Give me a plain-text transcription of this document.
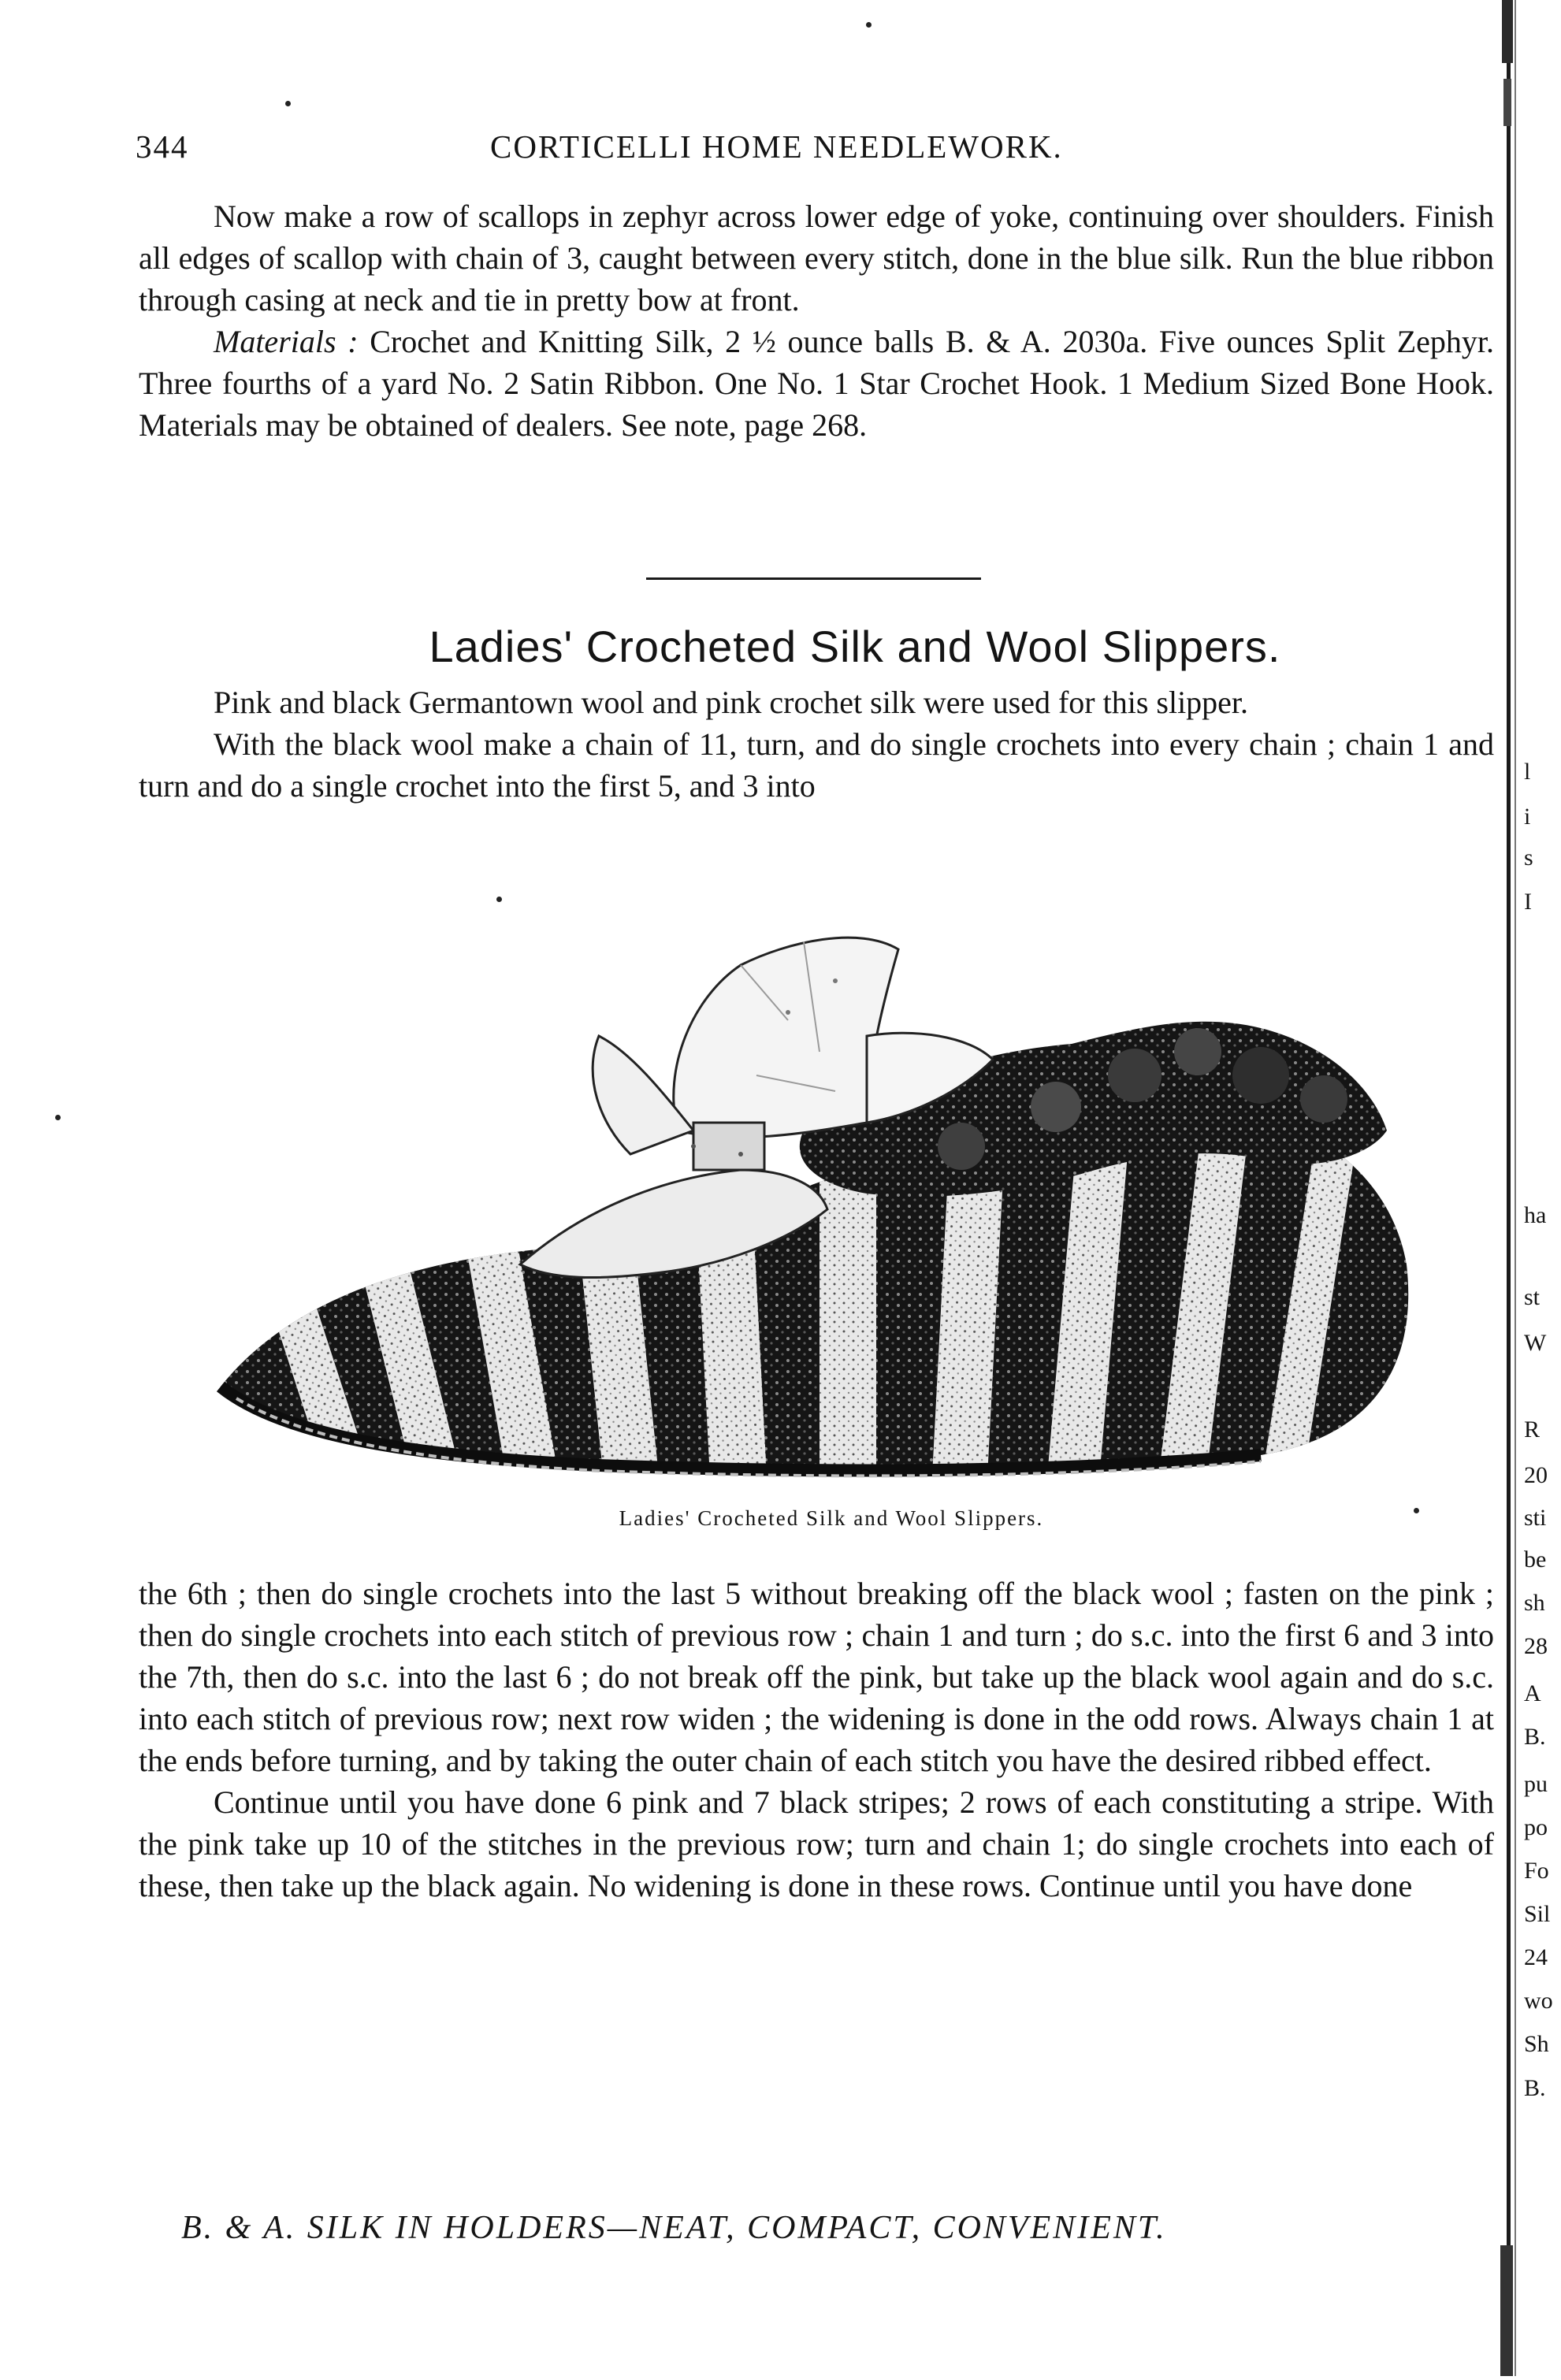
344	CORTICELLI HOME NEEDLEWORK.

Now make a row of scallops in zephyr across lower edge of yoke, continuing over shoulders. Finish all edges of scallop with chain of 3, caught between every stitch, done in the blue silk. Run the blue ribbon through casing at neck and tie in pretty bow at front.

Materials : Crochet and Knitting Silk, 2 ½ ounce balls B. & A. 2030a. Five ounces Split Zephyr. Three fourths of a yard No. 2 Satin Ribbon. One No. 1 Star Crochet Hook. 1 Medium Sized Bone Hook. Materials may be obtained of dealers. See note, page 268.

Ladies' Crocheted Silk and Wool Slippers.

Pink and black Germantown wool and pink crochet silk were used for this slipper.

With the black wool make a chain of 11, turn, and do single crochets into every chain ; chain 1 and turn and do a single crochet into the first 5, and 3 into

Ladies' Crocheted Silk and Wool Slippers.

the 6th ; then do single crochets into the last 5 without breaking off the black wool ; fasten on the pink ; then do single crochets into each stitch of previous row ; chain 1 and turn ; do s.c. into the first 6 and 3 into the 7th, then do s.c. into the last 6 ; do not break off the pink, but take up the black wool again and do s.c. into each stitch of previous row; next row widen ; the widening is done in the odd rows. Always chain 1 at the ends before turning, and by taking the outer chain of each stitch you have the desired ribbed effect.

Continue until you have done 6 pink and 7 black stripes; 2 rows of each constituting a stripe. With the pink take up 10 of the stitches in the previous row; turn and chain 1; do single crochets into each of these, then take up the black again. No widening is done in these rows. Continue until you have done

B. & A. SILK IN HOLDERS—NEAT, COMPACT, CONVENIENT.
l
i
s
I
ha
st
W
R
20
sti
be
sh
28
A
B.
pu
po
Fo
Sil
24
wo
Sh
B.
